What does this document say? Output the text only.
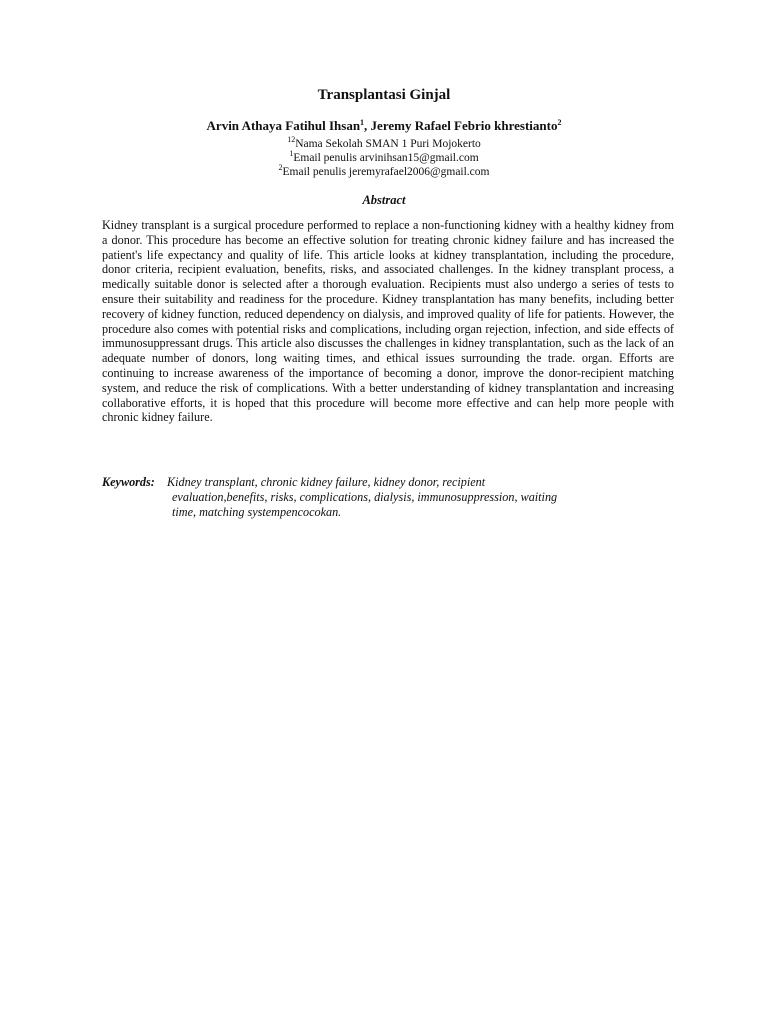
Transplantasi Ginjal
Arvin Athaya Fatihul Ihsan$^1$, Jeremy Rafael Febrio khrestianto$^2$
$^{12}$Nama Sekolah SMAN 1 Puri Mojokerto
$^1$Email penulis arvinihsan15@gmail.com
$^2$Email penulis jeremyrafael2006@gmail.com
Abstract
Kidney transplant is a surgical procedure performed to replace a non-functioning kidney with a healthy kidney from a donor. This procedure has become an effective solution for treating chronic kidney failure and has increased the patient's life expectancy and quality of life. This article looks at kidney transplantation, including the procedure, donor criteria, recipient evaluation, benefits, risks, and associated challenges. In the kidney transplant process, a medically suitable donor is selected after a thorough evaluation. Recipients must also undergo a series of tests to ensure their suitability and readiness for the procedure. Kidney transplantation has many benefits, including better recovery of kidney function, reduced dependency on dialysis, and improved quality of life for patients. However, the procedure also comes with potential risks and complications, including organ rejection, infection, and side effects of immunosuppressant drugs. This article also discusses the challenges in kidney transplantation, such as the lack of an adequate number of donors, long waiting times, and ethical issues surrounding the trade. organ. Efforts are continuing to increase awareness of the importance of becoming a donor, improve the donor-recipient matching system, and reduce the risk of complications. With a better understanding of kidney transplantation and increasing collaborative efforts, it is hoped that this procedure will become more effective and can help more people with chronic kidney failure.
Keywords: Kidney transplant, chronic kidney failure, kidney donor, recipient
evaluation,benefits, risks, complications, dialysis, immunosuppression, waiting
time, matching systempencocokan.
